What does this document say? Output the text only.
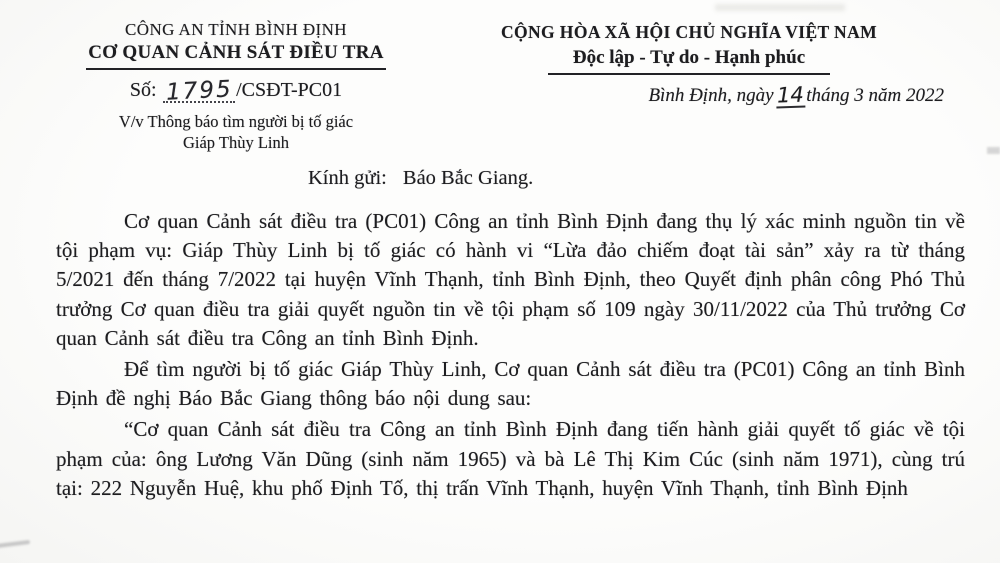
CÔNG AN TỈNH BÌNH ĐỊNH
CƠ QUAN CẢNH SÁT ĐIỀU TRA
Số: 1795 /CSĐT-PC01
V/v Thông báo tìm người bị tố giác
Giáp Thùy Linh
CỘNG HÒA XÃ HỘI CHỦ NGHĨA VIỆT NAM
Độc lập - Tự do - Hạnh phúc
Bình Định, ngày 14 tháng 3 năm 2022
Kính gửi: Báo Bắc Giang.

Cơ quan Cảnh sát điều tra (PC01) Công an tỉnh Bình Định đang thụ lý xác minh nguồn tin về tội phạm vụ: Giáp Thùy Linh bị tố giác có hành vi “Lừa đảo chiếm đoạt tài sản” xảy ra từ tháng 5/2021 đến tháng 7/2022 tại huyện Vĩnh Thạnh, tỉnh Bình Định, theo Quyết định phân công Phó Thủ trưởng Cơ quan điều tra giải quyết nguồn tin về tội phạm số 109 ngày 30/11/2022 của Thủ trưởng Cơ quan Cảnh sát điều tra Công an tỉnh Bình Định.

Để tìm người bị tố giác Giáp Thùy Linh, Cơ quan Cảnh sát điều tra (PC01) Công an tỉnh Bình Định đề nghị Báo Bắc Giang thông báo nội dung sau:

“Cơ quan Cảnh sát điều tra Công an tỉnh Bình Định đang tiến hành giải quyết tố giác về tội phạm của: ông Lương Văn Dũng (sinh năm 1965) và bà Lê Thị Kim Cúc (sinh năm 1971), cùng trú tại: 222 Nguyễn Huệ, khu phố Định Tố, thị trấn Vĩnh Thạnh, huyện Vĩnh Thạnh, tỉnh Bình Định
